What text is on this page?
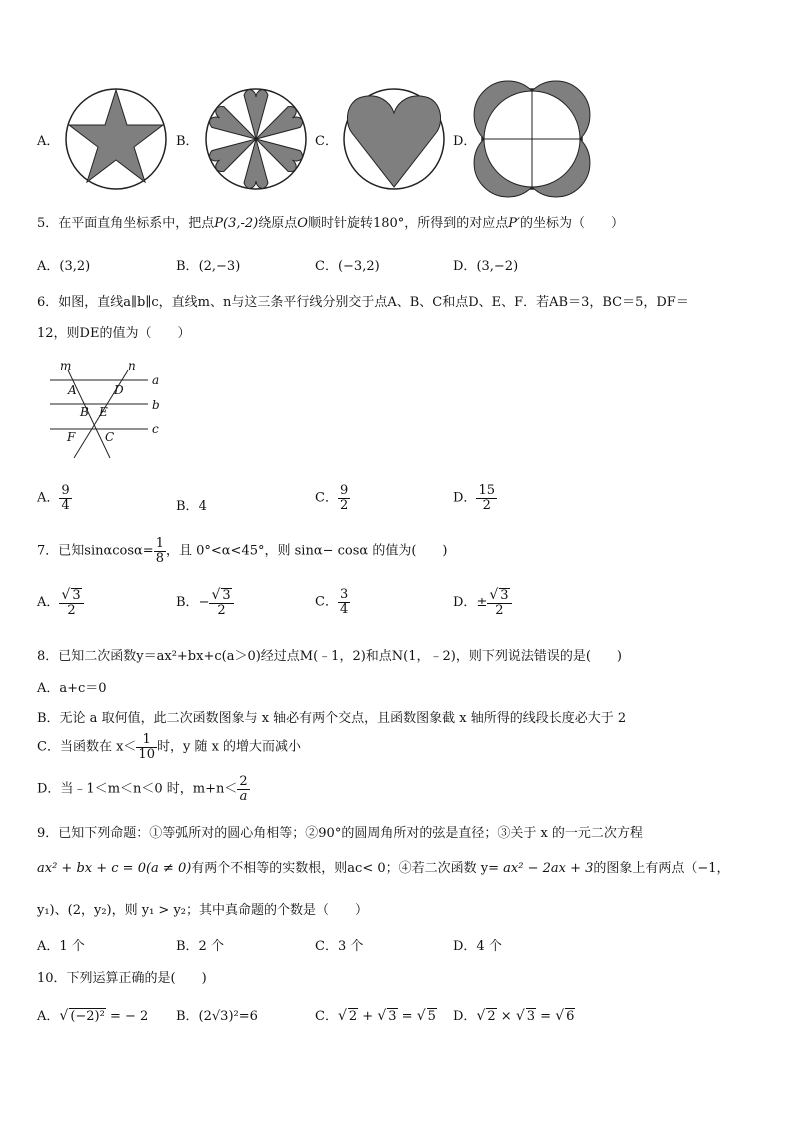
A．	B．	C．	D．
5．在平面直角坐标系中，把点P(3,-2)绕原点O顺时针旋转180°，所得到的对应点P′的坐标为（　　）
A．(3,2)	B．(2,−3)	C．(−3,2)	D．(3,−2)
6．如图，直线a∥b∥c，直线m、n与这三条平行线分别交于点A、B、C和点D、E、F．若AB＝3，BC＝5，DF＝
12，则DE的值为（　　）
m	n
a
b
c
A	D
B E
F C
A． $\frac{9}{4}$	B．4
C． $\frac{9}{2}$	D． $\frac{15}{2}$
7．已知$\sin\alpha\cos\alpha= \frac{1}{8}$ ，且 0°<α<45°，则 sinα− cosα 的值为(　　)
A． $\frac{√ 3}{2}$	B．− $\frac{√ 3}{2}$	C． $\frac{3}{4}$	D．± $\frac{√ 3}{2}$
8．已知二次函数y＝ax²+bx+c(a＞0)经过点M(﹣1，2)和点N(1，﹣2)，则下列说法错误的是(　　)
A．a+c＝0
B．无论 a 取何值，此二次函数图象与 x 轴必有两个交点，且函数图象截 x 轴所得的线段长度必大于 2
C．当函数在 $x< \frac{1}{10}$ 时，y 随 x 的增大而减小
D．当﹣1＜m＜n＜0 时，$m+n< \frac{2}{a}$
9．已知下列命题：①等弧所对的圆心角相等；②90°的圆周角所对的弦是直径；③关于 x 的一元二次方程
ax² + bx + c = 0(a ≠ 0)有两个不相等的实数根，则ac< 0；④若二次函数 y= ax² − 2ax + 3的图象上有两点（−1，
y₁)、(2，y₂)，则 y₁ > y₂；其中真命题的个数是（　　）
A．1 个	B．2 个	C．3 个	D．4 个
10．下列运算正确的是(　　)
A．√ (−2)² = − 2 B．(2√3)²=6	C．√ 2 + √ 3 = √ 5 D．√ 2 × √ 3 = √ 6
